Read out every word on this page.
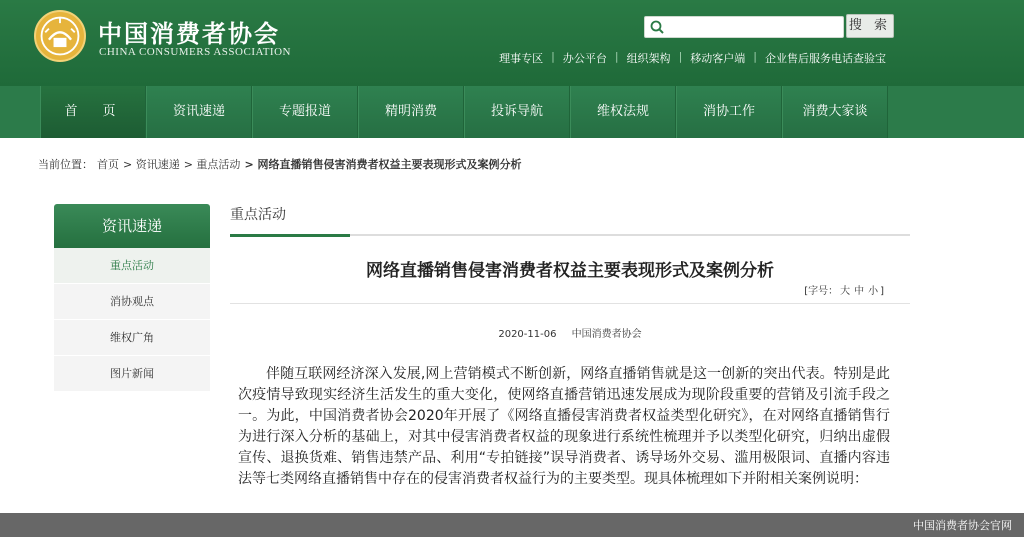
中国消费者协会
CHINA CONSUMERS ASSOCIATION
搜 索
理事专区 | 办公平台 | 组织架构 | 移动客户端 | 企业售后服务电话查验宝
首　页	资讯速递	专题报道	精明消费	投诉导航	维权法规	消协工作	消费大家谈
当前位置： 首页 > 资讯速递 > 重点活动 > 网络直播销售侵害消费者权益主要表现形式及案例分析
资讯速递
重点活动
消协观点
维权广角
图片新闻
重点活动
网络直播销售侵害消费者权益主要表现形式及案例分析
[字号： 大 中 小 ]
2020-11-06 中国消费者协会

伴随互联网经济深入发展,网上营销模式不断创新，网络直播销售就是这一创新的突出代表。特别是此次疫情导致现实经济生活发生的重大变化，使网络直播营销迅速发展成为现阶段重要的营销及引流手段之一。为此，中国消费者协会2020年开展了《网络直播侵害消费者权益类型化研究》，在对网络直播销售行为进行深入分析的基础上，对其中侵害消费者权益的现象进行系统性梳理并予以类型化研究，归纳出虚假宣传、退换货难、销售违禁产品、利用“专拍链接”误导消费者、诱导场外交易、滥用极限词、直播内容违法等七类网络直播销售中存在的侵害消费者权益行为的主要类型。现具体梳理如下并附相关案例说明：

中国消费者协会官网
